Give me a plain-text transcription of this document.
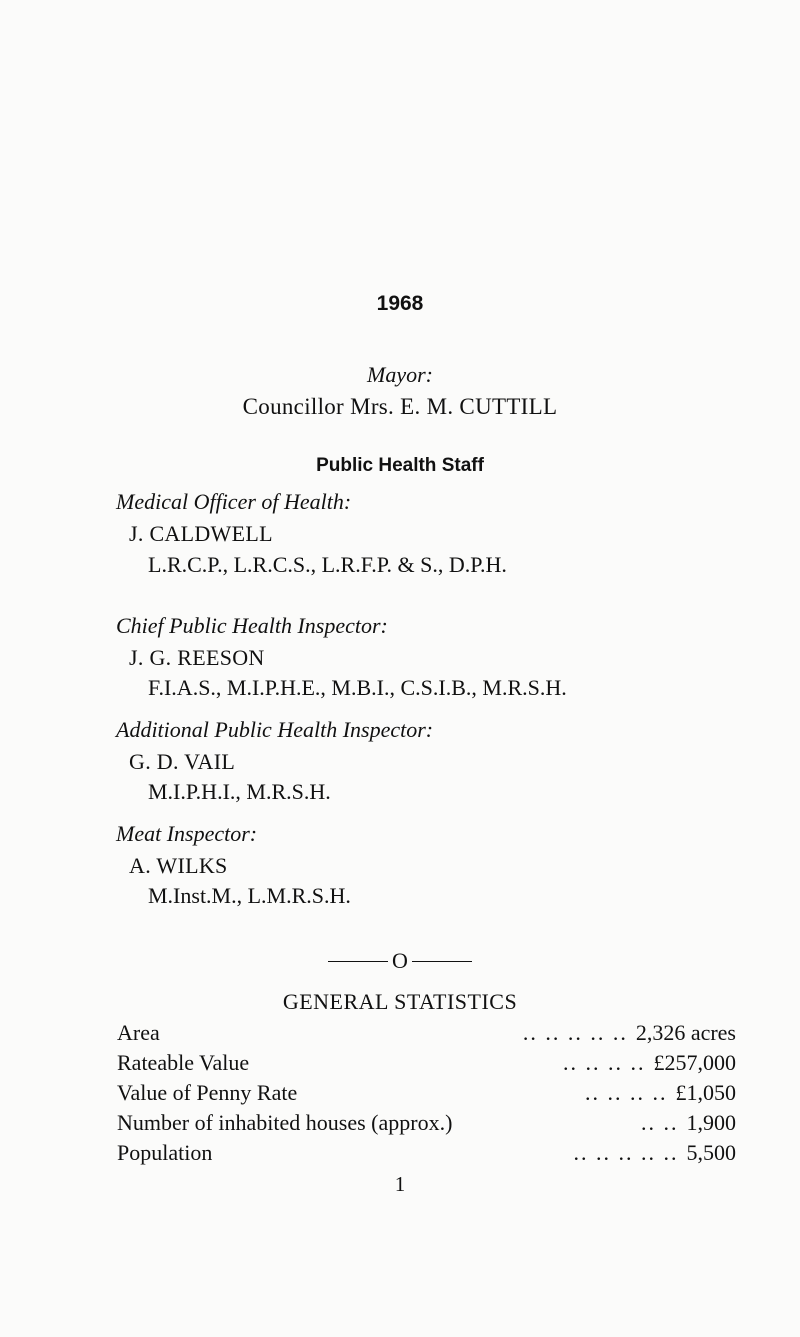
1968
Mayor:
Councillor Mrs. E. M. CUTTILL
Public Health Staff
Medical Officer of Health:
J. CALDWELL
L.R.C.P., L.R.C.S., L.R.F.P. & S., D.P.H.
Chief Public Health Inspector:
J. G. REESON
F.I.A.S., M.I.P.H.E., M.B.I., C.S.I.B., M.R.S.H.
Additional Public Health Inspector:
G. D. VAIL
M.I.P.H.I., M.R.S.H.
Meat Inspector:
A. WILKS
M.Inst.M., L.M.R.S.H.
O
GENERAL STATISTICS
Area	.. .. .. .. .. 2,326 acres
Rateable Value	.. .. .. .. £257,000
Value of Penny Rate	.. .. .. .. £1,050
Number of inhabited houses (approx.)	.. .. 1,900
Population	.. .. .. .. .. 5,500
1
